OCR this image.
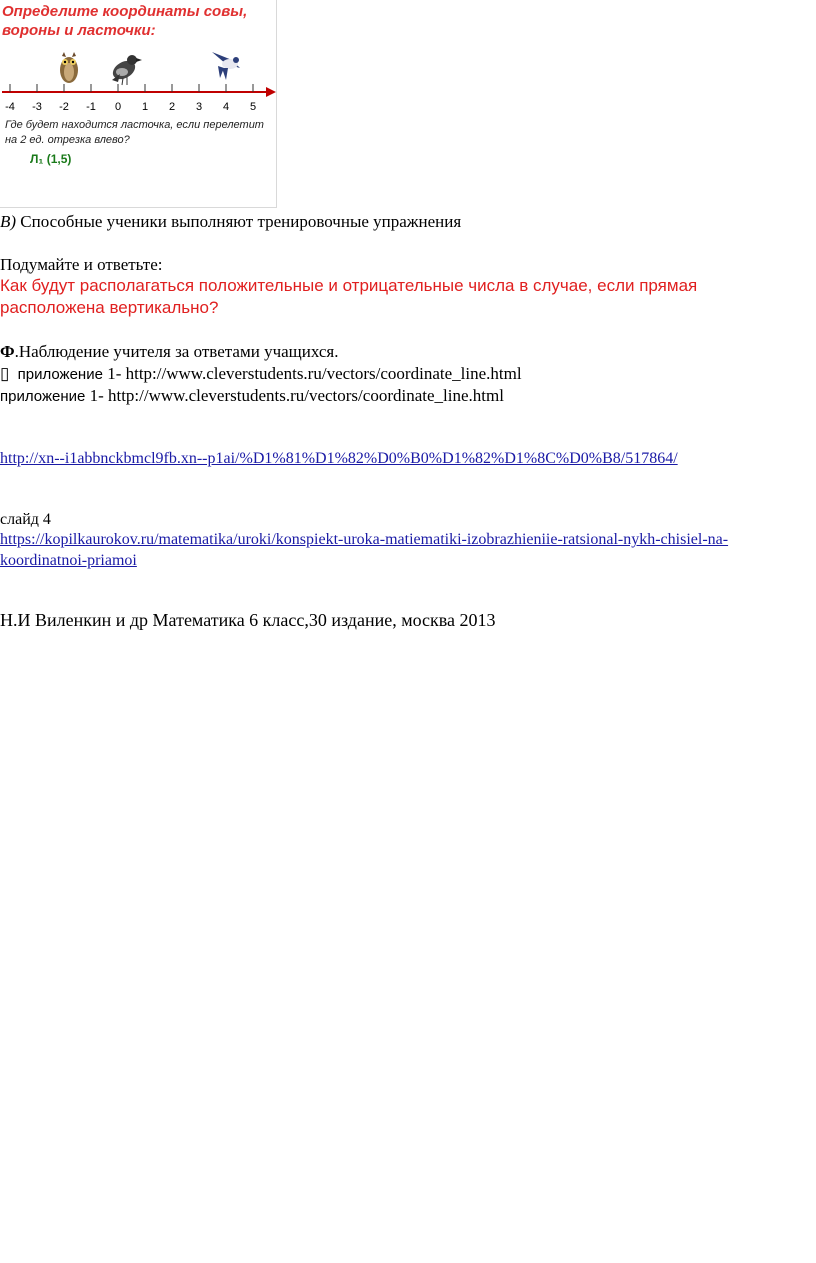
Определите координаты совы,
вороны и ласточки:
-4 -3 -2 -1 0 1 2 3 4 5
Где будет находится ласточка, если перелетит
на 2 ед. отрезка влево?
Л₁ (1,5)
В) Способные ученики выполняют тренировочные упражнения
Подумайте и ответьте:
Как будут располагаться положительные и отрицательные числа в случае, если прямая
расположена вертикально?
Ф.Наблюдение учителя за ответами учащихся.
▯ приложение 1- http://www.cleverstudents.ru/vectors/coordinate_line.html
приложение 1- http://www.cleverstudents.ru/vectors/coordinate_line.html
http://xn--i1abbnckbmcl9fb.xn--p1ai/%D1%81%D1%82%D0%B0%D1%82%D1%8C%D0%B8/517864/
слайд 4
https://kopilkaurokov.ru/matematika/uroki/konspiekt-uroka-matiematiki-izobrazhieniie-ratsional-nykh-chisiel-na-
koordinatnoi-priamoi
Н.И Виленкин и др Математика 6 класс,30 издание, москва 2013
